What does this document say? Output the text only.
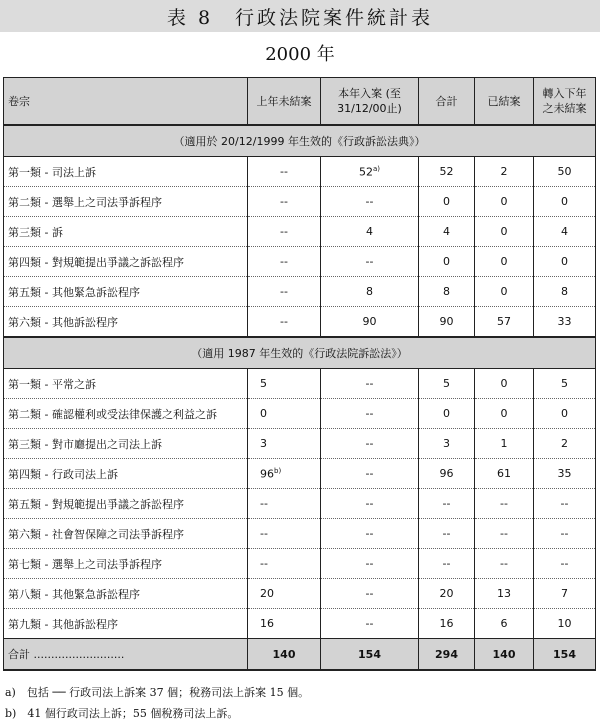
表 8　行政法院案件統計表
2000 年
卷宗	上年未結案	本年入案 (至31/12/00止)	合計	已結案	轉入下年 之未結案
（適用於 20/12/1999 年生效的《行政訴訟法典》）					
第一類 - 司法上訴	--	52$^{a)}$	52	2	50
第二類 - 選舉上之司法爭訴程序	--	--	0	0	0
第三類 - 訴	--	4	4	0	4
第四類 - 對規範提出爭議之訴訟程序	--	--	0	0	0
第五類 - 其他緊急訴訟程序	--	8	8	0	8
第六類 - 其他訴訟程序	--	90	90	57	33
（適用 1987 年生效的《行政法院訴訟法》）					
第一類 - 平常之訴	5	--	5	0	5
第二類 - 確認權利或受法律保護之利益之訴	0	--	0	0	0
第三類 - 對市廳提出之司法上訴	3	--	3	1	2
第四類 - 行政司法上訴	96$^{b)}$	--	96	61	35
第五類 - 對規範提出爭議之訴訟程序	--	--	--	--	--
第六類 - 社會智保障之司法爭訴程序	--	--	--	--	--
第七類 - 選舉上之司法爭訴程序	--	--	--	--	--
第八類 - 其他緊急訴訟程序	20	--	20	13	7
第九類 - 其他訴訟程序	16	--	16	6	10
合計 ..........................	140	154	294	140	154
a)　包括 ── 行政司法上訴案 37 個；稅務司法上訴案 15 個。
b)　41 個行政司法上訴；55 個稅務司法上訴。
